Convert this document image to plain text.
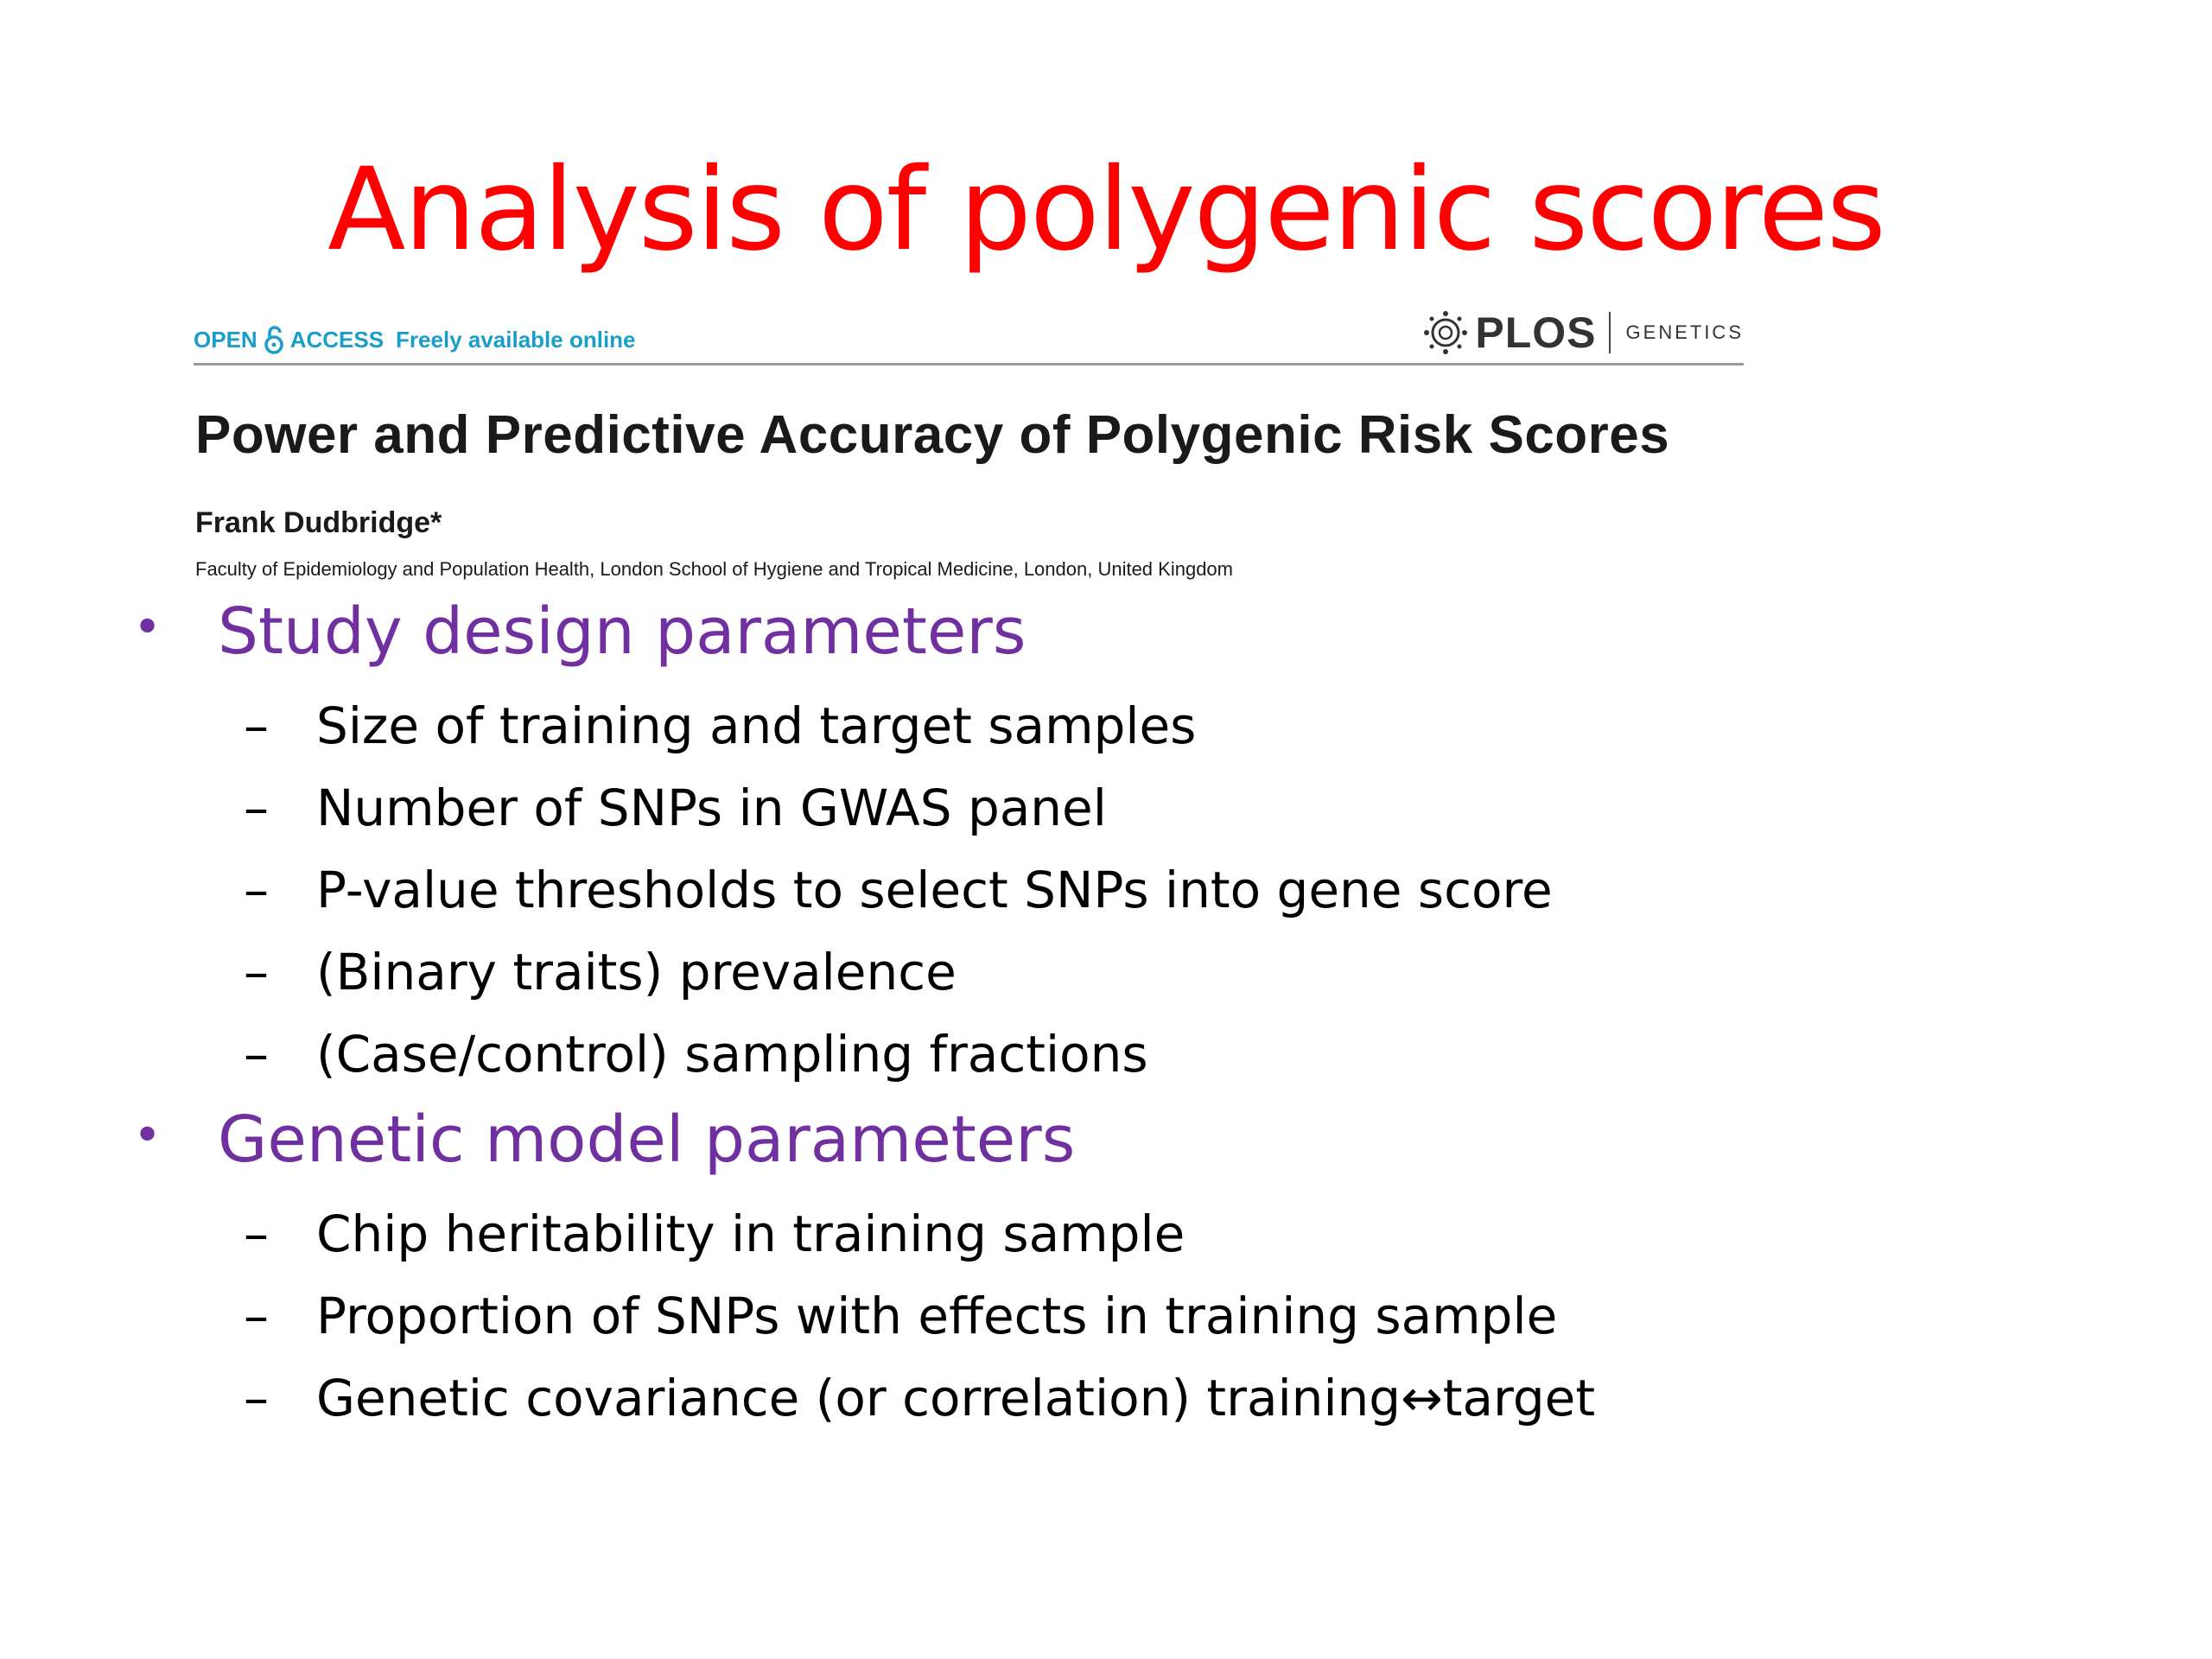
Analysis of polygenic scores
OPEN ACCESS Freely available online	PLOS GENETICS
Power and Predictive Accuracy of Polygenic Risk Scores
Frank Dudbridge*
Faculty of Epidemiology and Population Health, London School of Hygiene and Tropical Medicine, London, United Kingdom
• Study design parameters
– Size of training and target samples
– Number of SNPs in GWAS panel
– P-value thresholds to select SNPs into gene score
– (Binary traits) prevalence
– (Case/control) sampling fractions
• Genetic model parameters
– Chip heritability in training sample
– Proportion of SNPs with effects in training sample
– Genetic covariance (or correlation) training↔target
